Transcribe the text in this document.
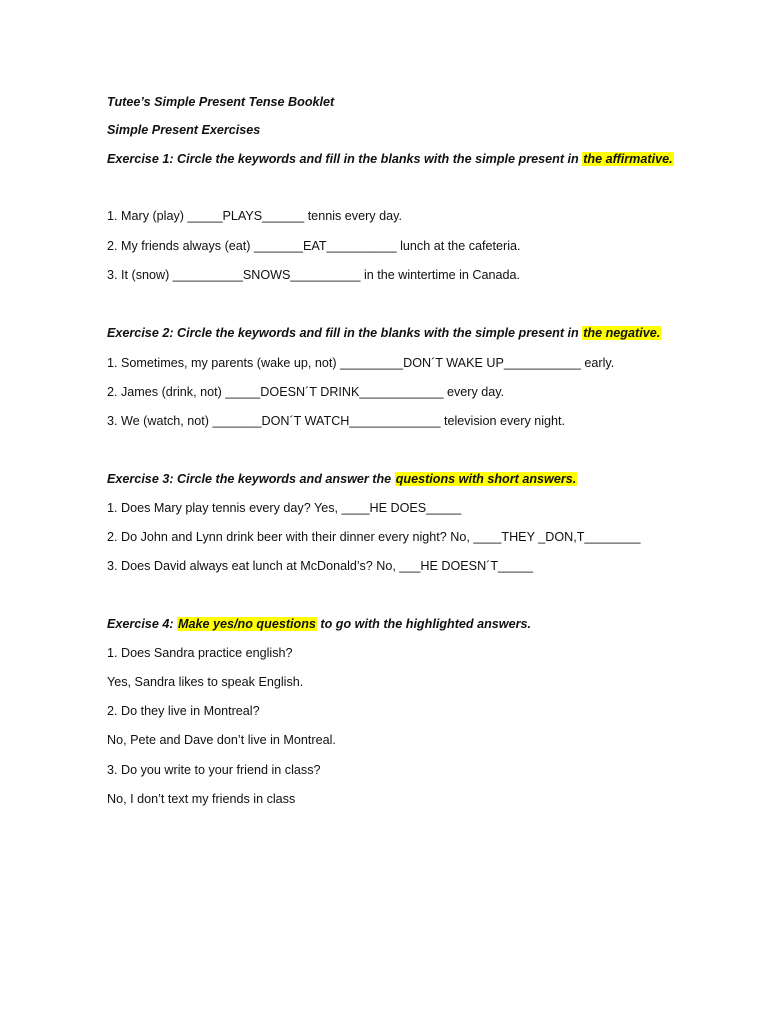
Tutee’s Simple Present Tense Booklet
Simple Present Exercises
Exercise 1: Circle the keywords and fill in the blanks with the simple present in the affirmative.
1. Mary (play) _____PLAYS______ tennis every day.
2. My friends always (eat) _______EAT__________ lunch at the cafeteria.
3. It (snow) __________SNOWS__________ in the wintertime in Canada.
Exercise 2: Circle the keywords and fill in the blanks with the simple present in the negative.
1. Sometimes, my parents (wake up, not) _________DON´T WAKE UP___________ early.
2. James (drink, not) _____DOESN´T DRINK____________ every day.
3. We (watch, not) _______DON´T WATCH_____________ television every night.
Exercise 3: Circle the keywords and answer the questions with short answers.
1. Does Mary play tennis every day? Yes, ____HE DOES_____
2. Do John and Lynn drink beer with their dinner every night? No, ____THEY _DON,T________
3. Does David always eat lunch at McDonald’s? No, ___HE DOESN´T_____
Exercise 4: Make yes/no questions to go with the highlighted answers.
1. Does Sandra practice english?
Yes, Sandra likes to speak English.
2. Do they live in Montreal?
No, Pete and Dave don’t live in Montreal.
3. Do you write to your friend in class?
No, I don’t text my friends in class
